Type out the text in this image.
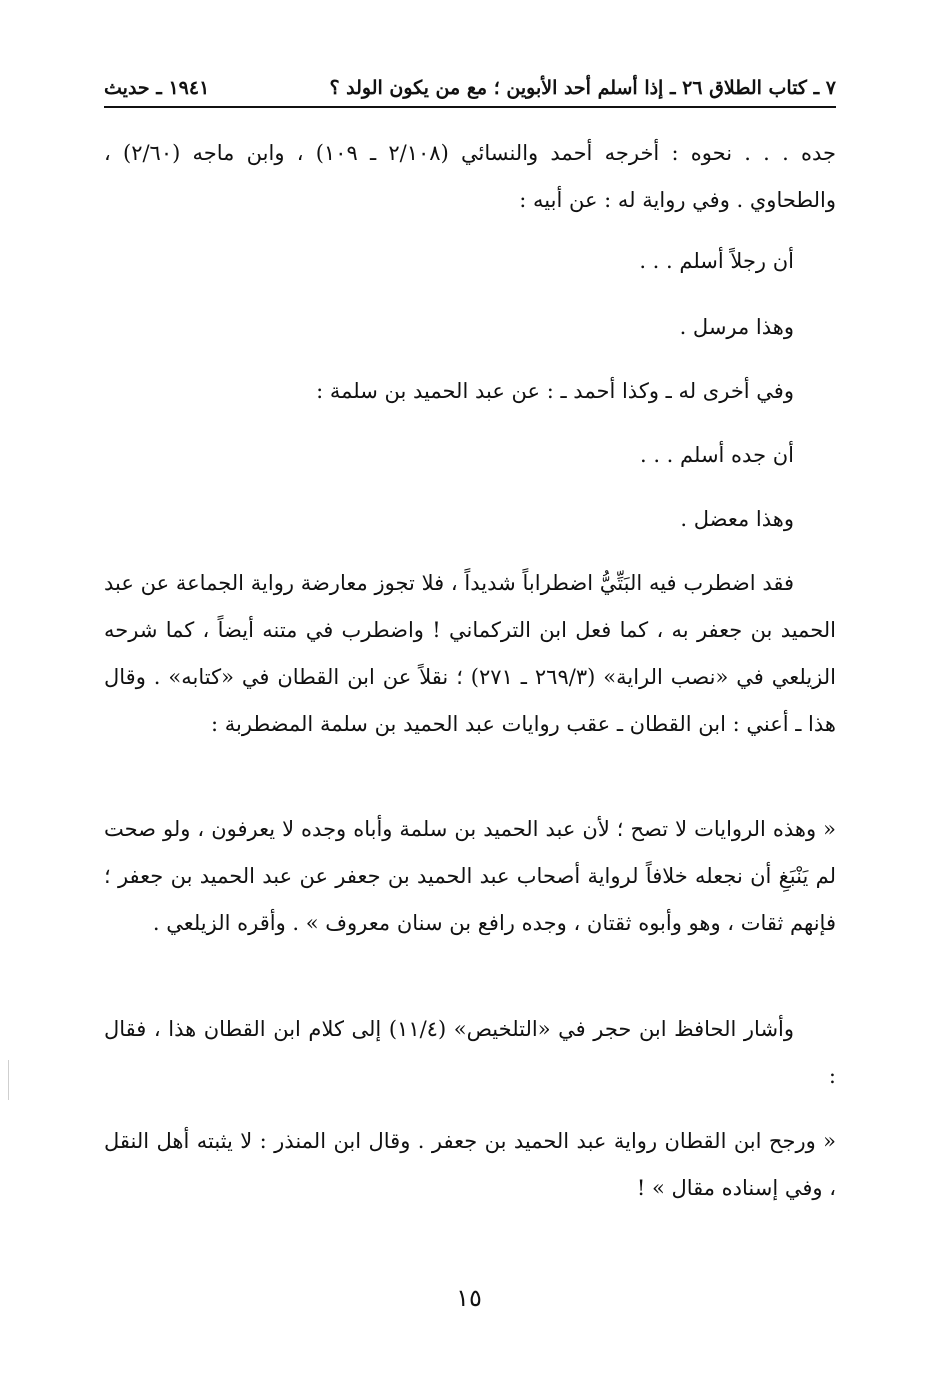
٧ ـ كتاب الطلاق ٢٦ ـ إذا أسلم أحد الأبوين ؛ مع من يكون الولد ؟
١٩٤١ ـ حديث

جده . . . نحوه : أخرجه أحمد والنسائي (٢/١٠٨ ـ ١٠٩) ، وابن ماجه (٢/٦٠) ، والطحاوي . وفي رواية له : عن أبيه :

أن رجلاً أسلم . . .

وهذا مرسل .

وفي أخرى له ـ وكذا أحمد ـ : عن عبد الحميد بن سلمة :

أن جده أسلم . . .

وهذا معضل .

فقد اضطرب فيه البَتِّيُّ اضطراباً شديداً ، فلا تجوز معارضة رواية الجماعة عن عبد الحميد بن جعفر به ، كما فعل ابن التركماني ! واضطرب في متنه أيضاً ، كما شرحه الزيلعي في «نصب الراية» (٢٦٩/٣ ـ ٢٧١) ؛ نقلاً عن ابن القطان في «كتابه» . وقال هذا ـ أعني : ابن القطان ـ عقب روايات عبد الحميد بن سلمة المضطربة :

« وهذه الروايات لا تصح ؛ لأن عبد الحميد بن سلمة وأباه وجده لا يعرفون ، ولو صحت لم يَنْبَغِ أن نجعله خلافاً لرواية أصحاب عبد الحميد بن جعفر عن عبد الحميد بن جعفر ؛ فإنهم ثقات ، وهو وأبوه ثقتان ، وجده رافع بن سنان معروف » . وأقره الزيلعي .

وأشار الحافظ ابن حجر في «التلخيص» (١١/٤) إلى كلام ابن القطان هذا ، فقال :

« ورجح ابن القطان رواية عبد الحميد بن جعفر . وقال ابن المنذر : لا يثبته أهل النقل ، وفي إسناده مقال » !

١٥
